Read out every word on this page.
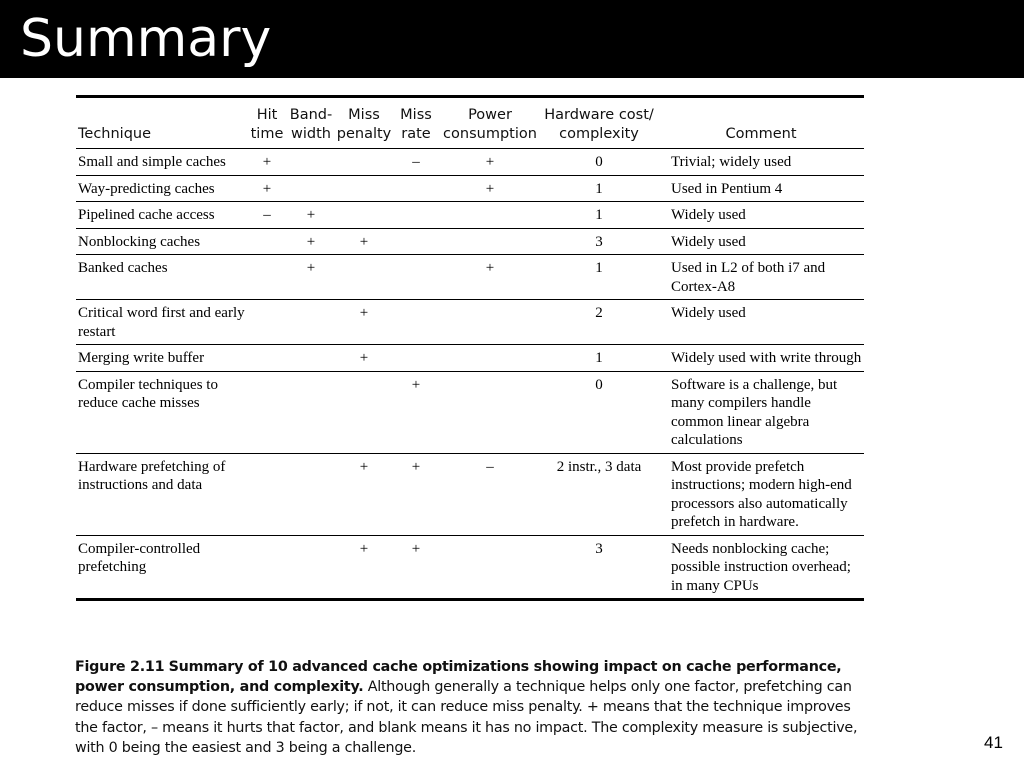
Summary
Technique	Hit time	Band- width	Miss penalty	Miss rate	Power consumption	Hardware cost/ complexity	Comment
Small and simple caches	+			–	+	0	Trivial; widely used
Way-predicting caches	+				+	1	Used in Pentium 4
Pipelined cache access	–	+				1	Widely used
Nonblocking caches		+	+			3	Widely used
Banked caches		+			+	1	Used in L2 of both i7 and Cortex-A8
Critical word first and early restart			+			2	Widely used
Merging write buffer			+			1	Widely used with write through
Compiler techniques to reduce cache misses				+		0	Software is a challenge, but many compilers handle common linear algebra calculations
Hardware prefetching of instructions and data			+	+	–	2 instr., 3 data	Most provide prefetch instructions; modern high-end processors also automatically prefetch in hardware.
Compiler-controlled prefetching			+	+		3	Needs nonblocking cache; possible instruction overhead; in many CPUs
Figure 2.11 Summary of 10 advanced cache optimizations showing impact on cache performance, power consumption, and complexity. Although generally a technique helps only one factor, prefetching can reduce misses if done sufficiently early; if not, it can reduce miss penalty. + means that the technique improves the factor, – means it hurts that factor, and blank means it has no impact. The complexity measure is subjective, with 0 being the easiest and 3 being a challenge.	41
